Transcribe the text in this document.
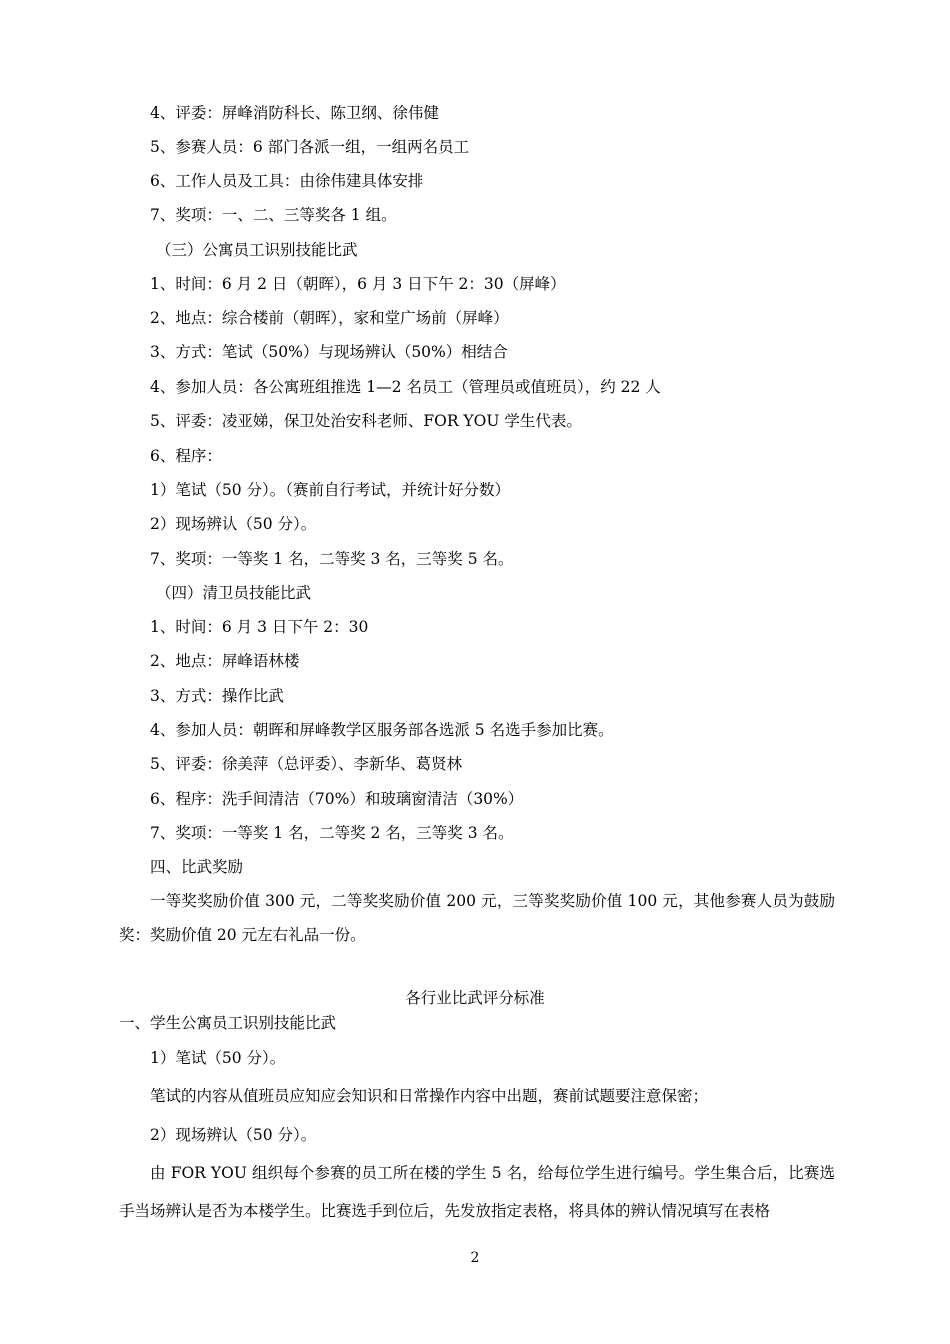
4、评委：屏峰消防科长、陈卫纲、徐伟健
5、参赛人员：6 部门各派一组，一组两名员工
6、工作人员及工具：由徐伟建具体安排
7、奖项：一、二、三等奖各 1 组。
（三）公寓员工识别技能比武
1、时间：6 月 2 日（朝晖），6 月 3 日下午 2：30（屏峰）
2、地点：综合楼前（朝晖），家和堂广场前（屏峰）
3、方式：笔试（50%）与现场辨认（50%）相结合
4、参加人员：各公寓班组推选 1—2 名员工（管理员或值班员），约 22 人
5、评委：凌亚娣，保卫处治安科老师、FOR YOU 学生代表。
6、程序：
1）笔试（50 分）。（赛前自行考试，并统计好分数）
2）现场辨认（50 分）。
7、奖项：一等奖 1 名，二等奖 3 名，三等奖 5 名。
（四）清卫员技能比武
1、时间：6 月 3 日下午 2：30
2、地点：屏峰语林楼
3、方式：操作比武
4、参加人员：朝晖和屏峰教学区服务部各选派 5 名选手参加比赛。
5、评委：徐美萍（总评委）、李新华、葛贤林
6、程序：洗手间清洁（70%）和玻璃窗清洁（30%）
7、奖项：一等奖 1 名，二等奖 2 名，三等奖 3 名。
四、比武奖励
一等奖奖励价值 300 元，二等奖奖励价值 200 元，三等奖奖励价值 100 元，其他参赛人员为鼓励奖：奖励价值 20 元左右礼品一份。
各行业比武评分标准
一、学生公寓员工识别技能比武
1）笔试（50 分）。
笔试的内容从值班员应知应会知识和日常操作内容中出题，赛前试题要注意保密；
2）现场辨认（50 分）。
由 FOR YOU 组织每个参赛的员工所在楼的学生 5 名，给每位学生进行编号。学生集合后，比赛选手当场辨认是否为本楼学生。比赛选手到位后，先发放指定表格，将具体的辨认情况填写在表格
2
